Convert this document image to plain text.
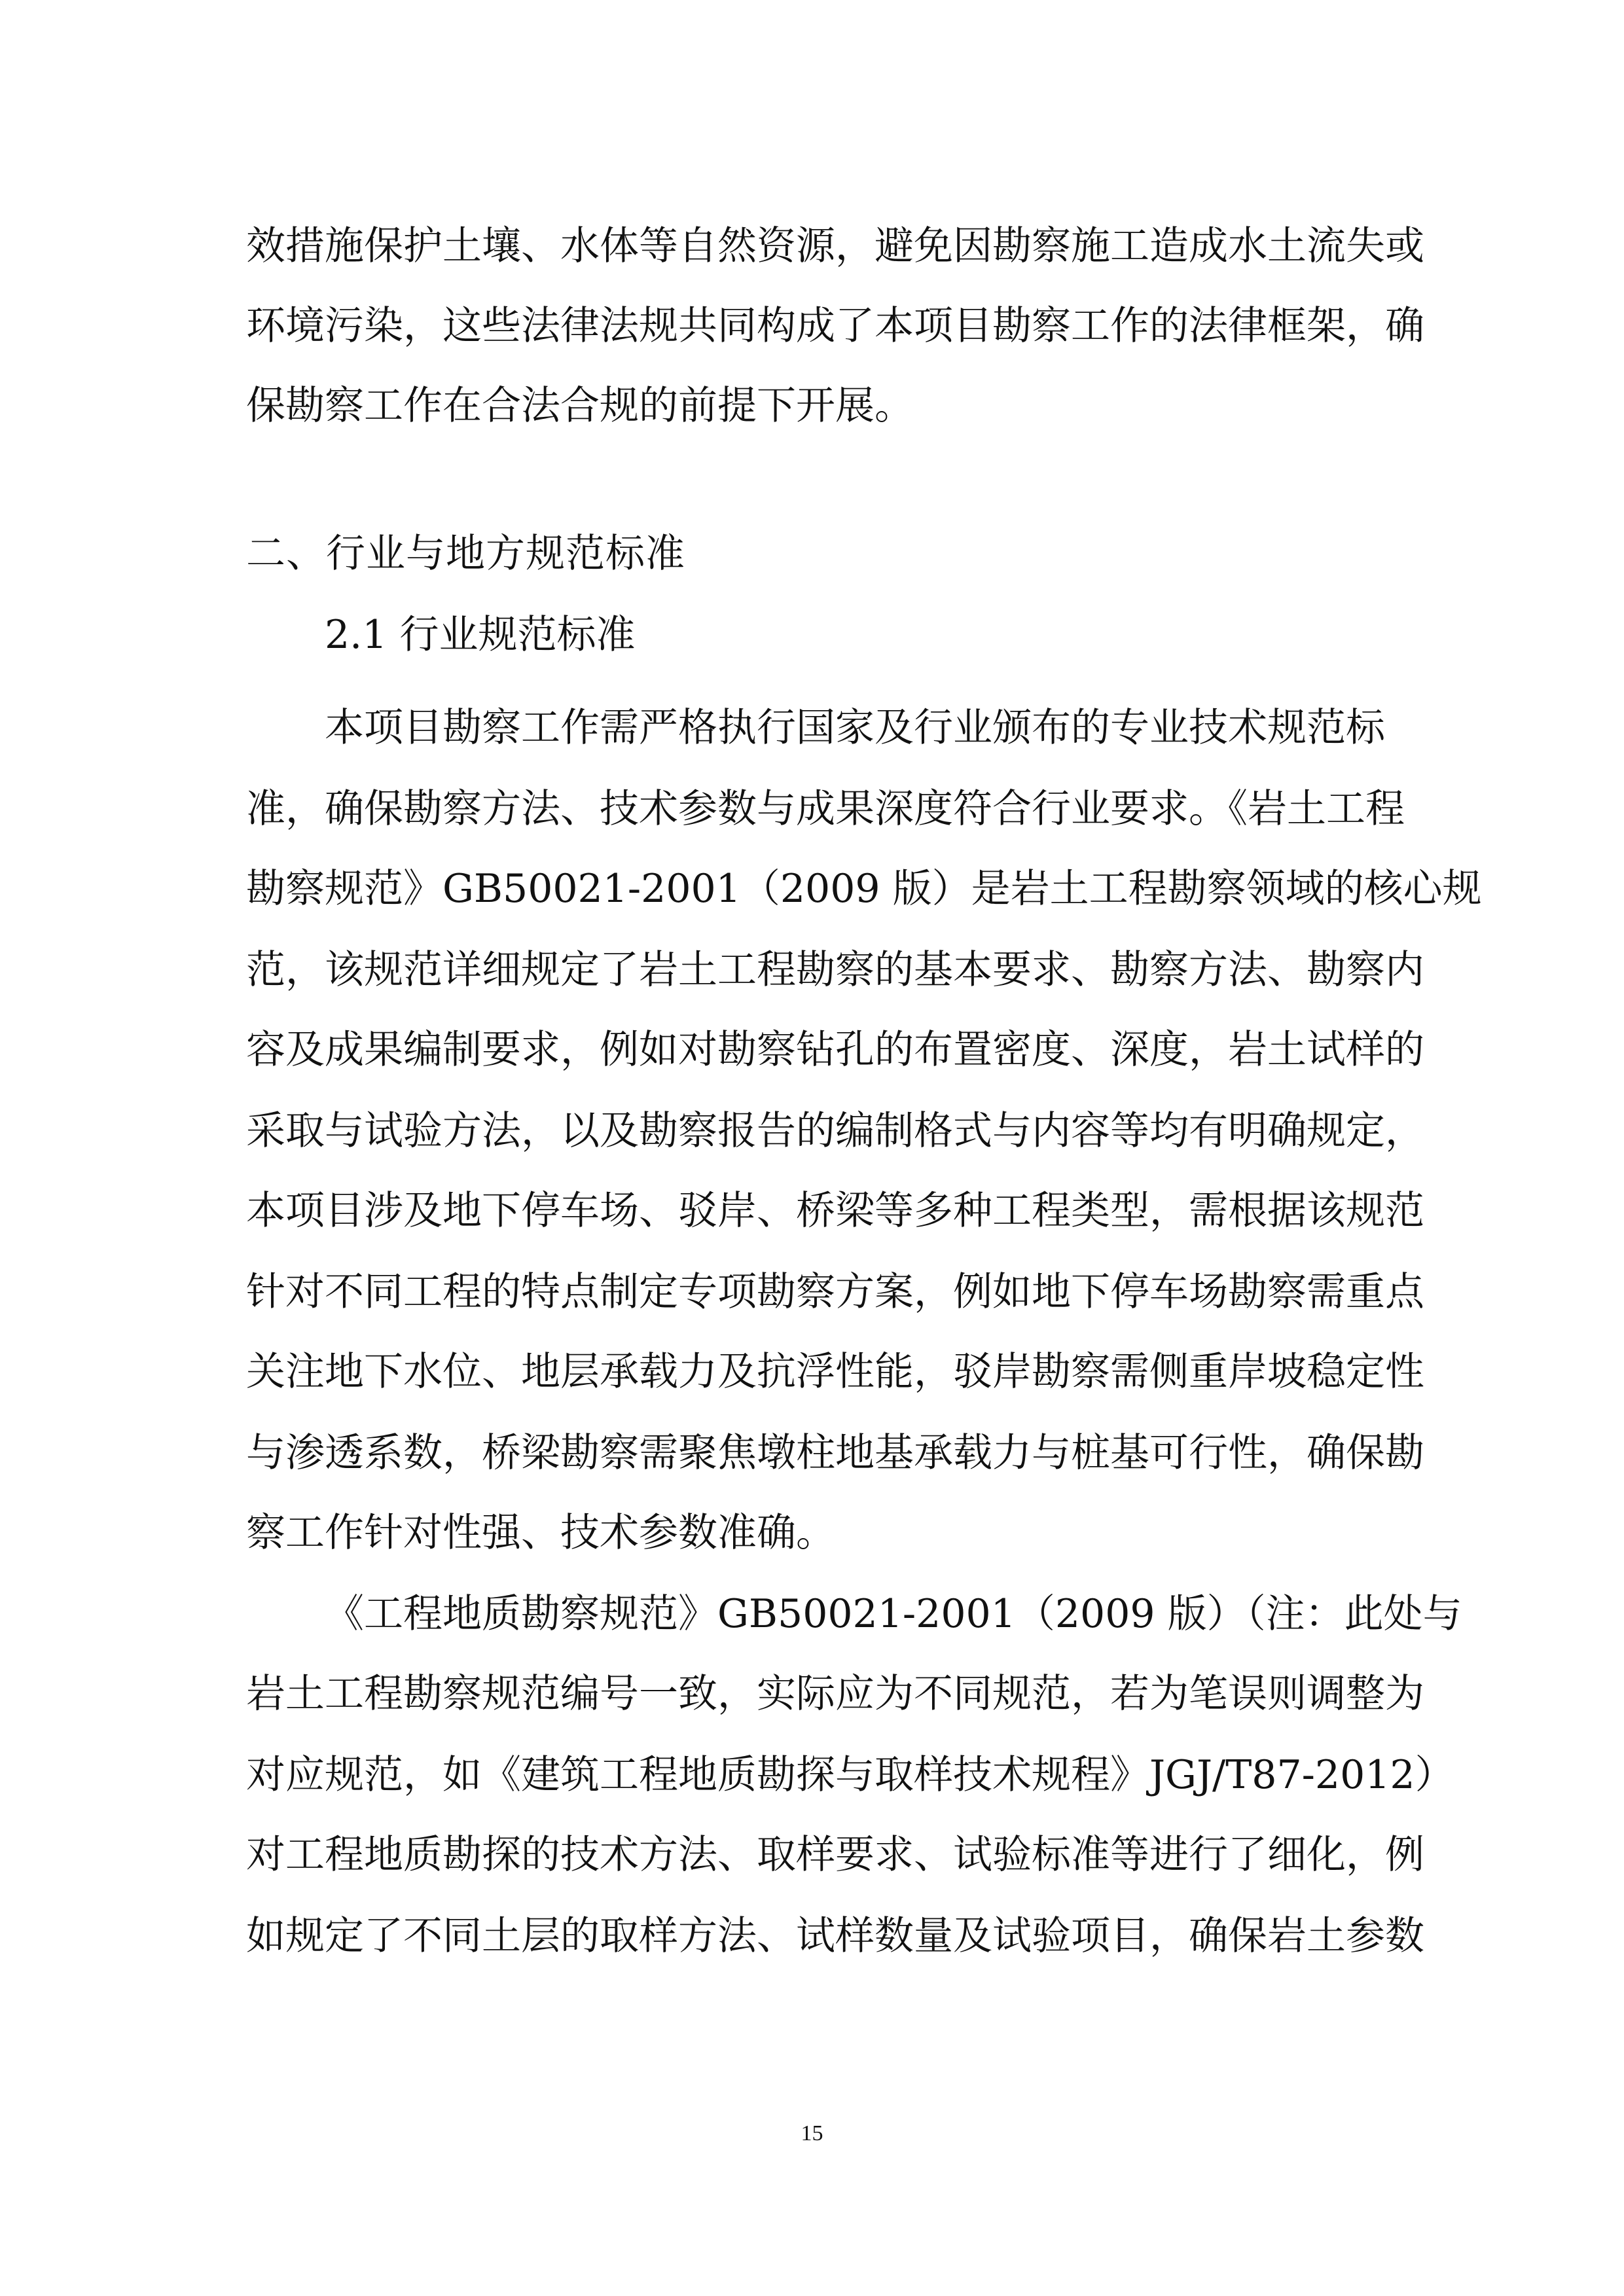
效措施保护土壤、水体等自然资源，避免因勘察施工造成水土流失或
环境污染，这些法律法规共同构成了本项目勘察工作的法律框架，确
保勘察工作在合法合规的前提下开展。
二、行业与地方规范标准
2.1 行业规范标准
本项目勘察工作需严格执行国家及行业颁布的专业技术规范标
准，确保勘察方法、技术参数与成果深度符合行业要求。《岩土工程
勘察规范》GB50021-2001（2009 版）是岩土工程勘察领域的核心规
范，该规范详细规定了岩土工程勘察的基本要求、勘察方法、勘察内
容及成果编制要求，例如对勘察钻孔的布置密度、深度，岩土试样的
采取与试验方法，以及勘察报告的编制格式与内容等均有明确规定，
本项目涉及地下停车场、驳岸、桥梁等多种工程类型，需根据该规范
针对不同工程的特点制定专项勘察方案，例如地下停车场勘察需重点
关注地下水位、地层承载力及抗浮性能，驳岸勘察需侧重岸坡稳定性
与渗透系数，桥梁勘察需聚焦墩柱地基承载力与桩基可行性，确保勘
察工作针对性强、技术参数准确。
《工程地质勘察规范》GB50021-2001（2009 版）（注：此处与
岩土工程勘察规范编号一致，实际应为不同规范，若为笔误则调整为
对应规范，如《建筑工程地质勘探与取样技术规程》JGJ/T87-2012）
对工程地质勘探的技术方法、取样要求、试验标准等进行了细化，例
如规定了不同土层的取样方法、试样数量及试验项目，确保岩土参数
15
